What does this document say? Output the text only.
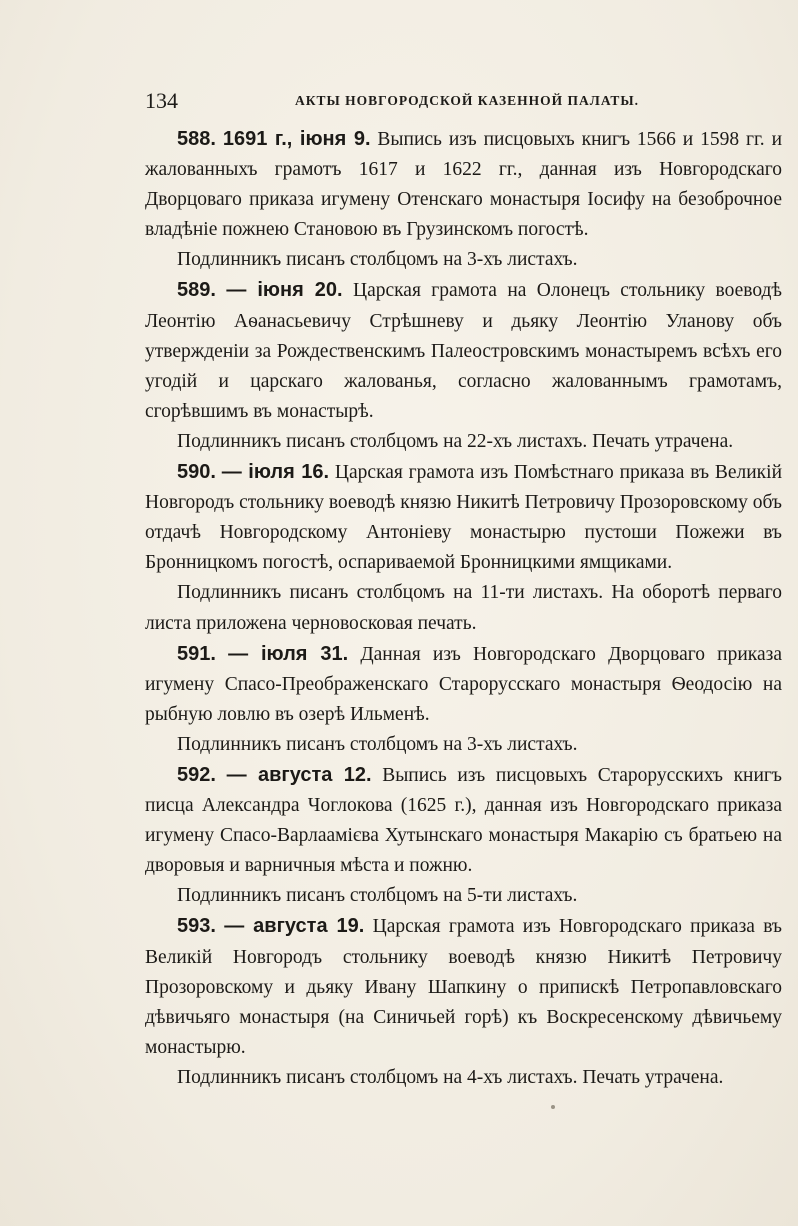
134	АКТЫ НОВГОРОДСКОЙ КАЗЕННОЙ ПАЛАТЫ.

588. 1691 г., іюня 9. Выпись изъ писцовыхъ книгъ 1566 и 1598 гг. и жалованныхъ грамотъ 1617 и 1622 гг., данная изъ Новгородскаго Дворцоваго приказа игумену Отенскаго монастыря Іосифу на безоброчное владѣніе пожнею Становою въ Грузинскомъ погостѣ.

Подлинникъ писанъ столбцомъ на 3-хъ листахъ.

589. — іюня 20. Царская грамота на Олонецъ стольнику воеводѣ Леонтію Аѳанасьевичу Стрѣшневу и дьяку Леонтію Уланову объ утвержденіи за Рождественскимъ Палеостровскимъ монастыремъ всѣхъ его угодій и царскаго жалованья, согласно жалованнымъ грамотамъ, сгорѣвшимъ въ монастырѣ.

Подлинникъ писанъ столбцомъ на 22-хъ листахъ. Печать утрачена.

590. — іюля 16. Царская грамота изъ Помѣстнаго приказа въ Великій Новгородъ стольнику воеводѣ князю Никитѣ Петровичу Прозоровскому объ отдачѣ Новгородскому Антоніеву монастырю пустоши Пожежи въ Бронницкомъ погостѣ, оспариваемой Бронницкими ямщиками.

Подлинникъ писанъ столбцомъ на 11-ти листахъ. На оборотѣ перваго листа приложена черновосковая печать.

591. — іюля 31. Данная изъ Новгородскаго Дворцоваго приказа игумену Спасо-Преображенскаго Старорусскаго монастыря Ѳеодосію на рыбную ловлю въ озерѣ Ильменѣ.

Подлинникъ писанъ столбцомъ на 3-хъ листахъ.

592. — августа 12. Выпись изъ писцовыхъ Старорусскихъ книгъ писца Александра Чоглокова (1625 г.), данная изъ Новгородскаго приказа игумену Спасо-Варлаамієва Хутынскаго монастыря Макарію съ братьею на дворовыя и варничныя мѣста и пожню.

Подлинникъ писанъ столбцомъ на 5-ти листахъ.

593. — августа 19. Царская грамота изъ Новгородскаго приказа въ Великій Новгородъ стольнику воеводѣ князю Никитѣ Петровичу Прозоровскому и дьяку Ивану Шапкину о припискѣ Петропавловскаго дѣвичьяго монастыря (на Синичьей горѣ) къ Воскресенскому дѣвичьему монастырю.

Подлинникъ писанъ столбцомъ на 4-хъ листахъ. Печать утрачена.
